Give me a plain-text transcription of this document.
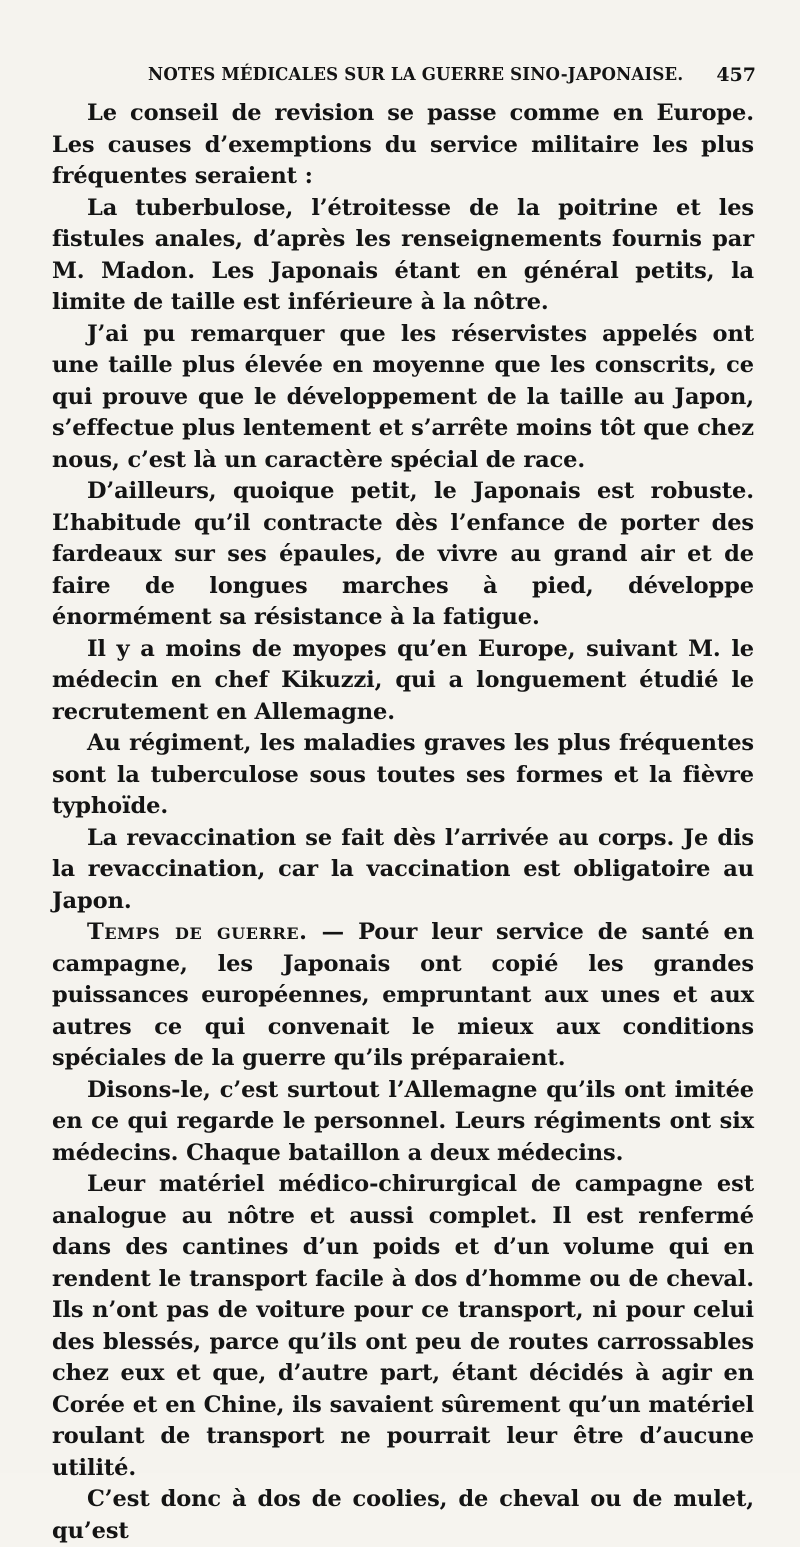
NOTES MÉDICALES SUR LA GUERRE SINO-JAPONAISE. 457

Le conseil de revision se passe comme en Europe. Les causes d’exemptions du service militaire les plus fréquentes seraient :

La tuberbulose, l’étroitesse de la poitrine et les fistules anales, d’après les renseignements fournis par M. Madon. Les Japonais étant en général petits, la limite de taille est inférieure à la nôtre.

J’ai pu remarquer que les réservistes appelés ont une taille plus élevée en moyenne que les conscrits, ce qui prouve que le développement de la taille au Japon, s’effectue plus lentement et s’arrête moins tôt que chez nous, c’est là un caractère spécial de race.

D’ailleurs, quoique petit, le Japonais est robuste. L’habitude qu’il contracte dès l’enfance de porter des fardeaux sur ses épaules, de vivre au grand air et de faire de longues marches à pied, développe énormément sa résistance à la fatigue.

Il y a moins de myopes qu’en Europe, suivant M. le médecin en chef Kikuzzi, qui a longuement étudié le recrutement en Allemagne.

Au régiment, les maladies graves les plus fréquentes sont la tuberculose sous toutes ses formes et la fièvre typhoïde.

La revaccination se fait dès l’arrivée au corps. Je dis la revaccination, car la vaccination est obligatoire au Japon.

Temps de guerre. — Pour leur service de santé en campagne, les Japonais ont copié les grandes puissances européennes, empruntant aux unes et aux autres ce qui convenait le mieux aux conditions spéciales de la guerre qu’ils préparaient.

Disons-le, c’est surtout l’Allemagne qu’ils ont imitée en ce qui regarde le personnel. Leurs régiments ont six médecins. Chaque bataillon a deux médecins.

Leur matériel médico-chirurgical de campagne est analogue au nôtre et aussi complet. Il est renfermé dans des cantines d’un poids et d’un volume qui en rendent le transport facile à dos d’homme ou de cheval. Ils n’ont pas de voiture pour ce transport, ni pour celui des blessés, parce qu’ils ont peu de routes carrossables chez eux et que, d’autre part, étant décidés à agir en Corée et en Chine, ils savaient sûrement qu’un matériel roulant de transport ne pourrait leur être d’aucune utilité.

C’est donc à dos de coolies, de cheval ou de mulet, qu’est
